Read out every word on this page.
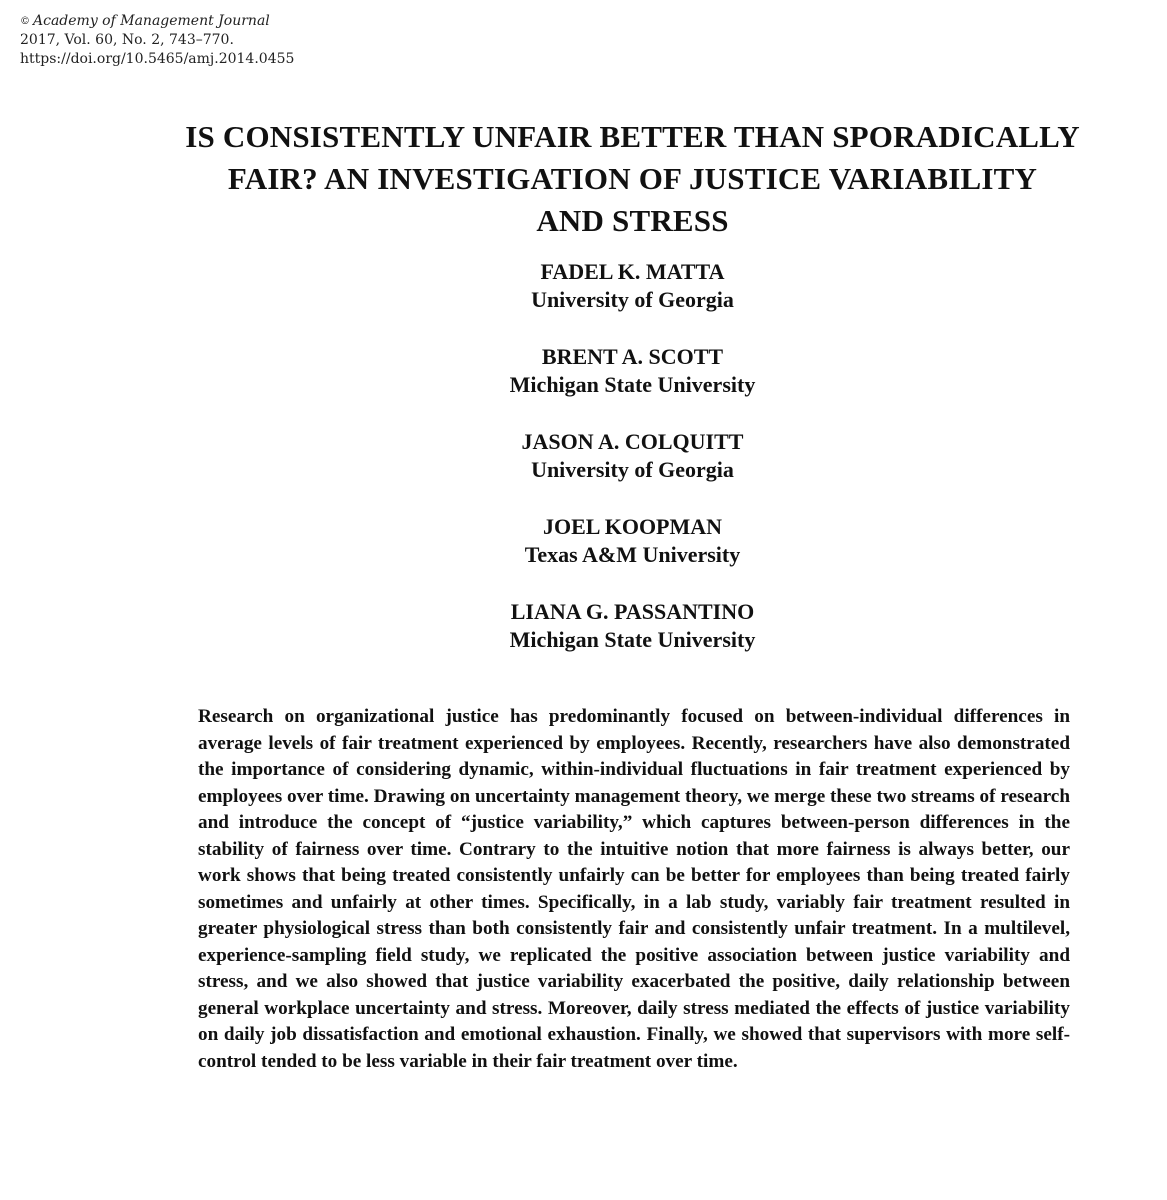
© Academy of Management Journal
2017, Vol. 60, No. 2, 743–770.
https://doi.org/10.5465/amj.2014.0455
IS CONSISTENTLY UNFAIR BETTER THAN SPORADICALLY
FAIR? AN INVESTIGATION OF JUSTICE VARIABILITY
AND STRESS
FADEL K. MATTA
University of Georgia
BRENT A. SCOTT
Michigan State University
JASON A. COLQUITT
University of Georgia
JOEL KOOPMAN
Texas A&M University
LIANA G. PASSANTINO
Michigan State University

Research on organizational justice has predominantly focused on between-individual differences in average levels of fair treatment experienced by employees. Recently, researchers have also demonstrated the importance of considering dynamic, within-individual fluctuations in fair treatment experienced by employees over time. Drawing on uncertainty management theory, we merge these two streams of research and introduce the concept of “justice variability,” which captures between-person differences in the stability of fairness over time. Contrary to the intuitive notion that more fairness is always better, our work shows that being treated consistently unfairly can be better for employees than being treated fairly sometimes and unfairly at other times. Specifically, in a lab study, variably fair treatment resulted in greater physiological stress than both consistently fair and consistently unfair treatment. In a multilevel, experience-sampling field study, we replicated the positive association between justice variability and stress, and we also showed that justice variability exacerbated the positive, daily relationship between general workplace uncertainty and stress. Moreover, daily stress mediated the effects of justice variability on daily job dissatisfaction and emotional exhaustion. Finally, we showed that supervisors with more self-control tended to be less variable in their fair treatment over time.
